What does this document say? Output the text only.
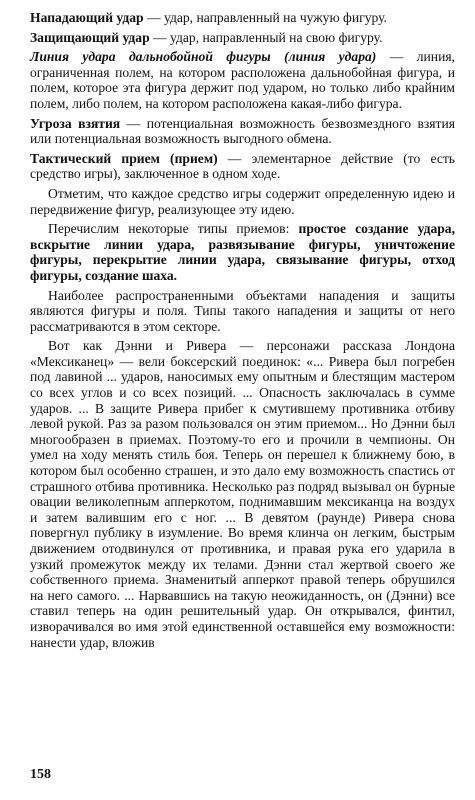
Нападающий удар — удар, направленный на чужую фигуру.

Защищающий удар — удар, направленный на свою фигуру.

Линия удара дальнобойной фигуры (линия удара) — линия, ограниченная полем, на котором расположена дальнобойная фигура, и полем, которое эта фигура держит под ударом, но только либо крайним полем, либо полем, на котором расположена какая-либо фигура.

Угроза взятия — потенциальная возможность безвозмездного взятия или потенциальная возможность выгодного обмена.

Тактический прием (прием) — элементарное действие (то есть средство игры), заключенное в одном ходе.

Отметим, что каждое средство игры содержит определенную идею и передвижение фигур, реализующее эту идею.

Перечислим некоторые типы приемов: простое создание удара, вскрытие линии удара, развязывание фигуры, уничтожение фигуры, перекрытие линии удара, связывание фигуры, отход фигуры, создание шаха.

Наиболее распространенными объектами нападения и защиты являются фигуры и поля. Типы такого нападения и защиты от него рассматриваются в этом секторе.

Вот как Дэнни и Ривера — персонажи рассказа Лондона «Мексиканец» — вели боксерский поединок: «... Ривера был погребен под лавиной ... ударов, наносимых ему опытным и блестящим мастером со всех углов и со всех позиций. ... Опасность заключалась в сумме ударов. ... В защите Ривера прибег к смутившему противника отбиву левой рукой. Раз за разом пользовался он этим приемом... Но Дэнни был многообразен в приемах. Поэтому-то его и прочили в чемпионы. Он умел на ходу менять стиль боя. Теперь он перешел к ближнему бою, в котором был особенно страшен, и это дало ему возможность спастись от страшного отбива противника. Несколько раз подряд вызывал он бурные овации великолепным апперкотом, поднимавшим мексиканца на воздух и затем валившим его с ног. ... В девятом (раунде) Ривера снова повергнул публику в изумление. Во время клинча он легким, быстрым движением отодвинулся от противника, и правая рука его ударила в узкий промежуток между их телами. Дэнни стал жертвой своего же собственного приема. Знаменитый апперкот правой теперь обрушился на него самого. ... Нарвавшись на такую неожиданность, он (Дэнни) все ставил теперь на один решительный удар. Он открывался, финтил, изворачивался во имя этой единственной оставшейся ему возможности: нанести удар, вложив

158
